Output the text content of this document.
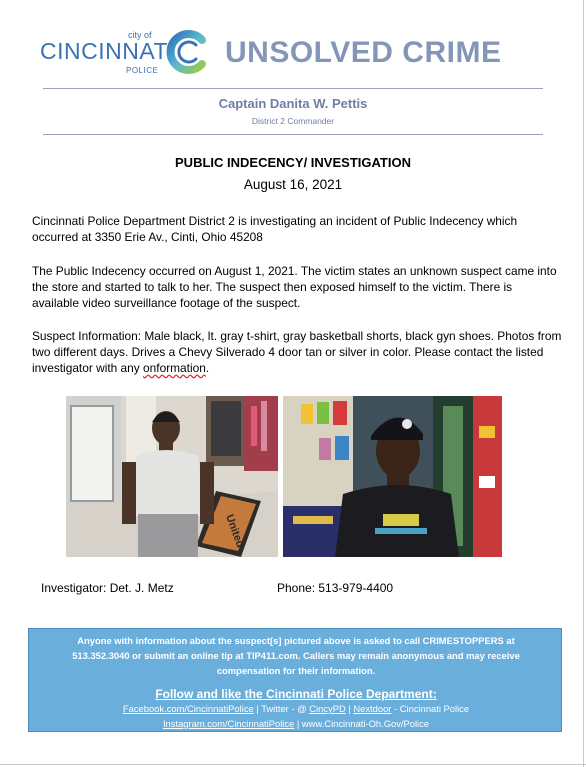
city of
CINCINNATI
POLICE
UNSOLVED CRIME
Captain Danita W. Pettis
District 2 Commander
PUBLIC INDECENCY/ INVESTIGATION
August 16, 2021
Cincinnati Police Department District 2 is investigating an incident of Public Indecency which occurred at 3350 Erie Av., Cinti, Ohio 45208
The Public Indecency occurred on August 1, 2021. The victim states an unknown suspect came into the store and started to talk to her. The suspect then exposed himself to the victim. There is available video surveillance footage of the suspect.
Suspect Information: Male black, lt. gray t-shirt, gray basketball shorts, black gyn shoes. Photos from two different days. Drives a Chevy Silverado 4 door tan or silver in color. Please contact the listed investigator with any onformation.
United
Investigator: Det. J. Metz	Phone: 513-979-4400
Anyone with information about the suspect[s] pictured above is asked to call CRIMESTOPPERS at
513.352.3040 or submit an online tip at TIP411.com. Callers may remain anonymous and may receive
compensation for their information.
Follow and like the Cincinnati Police Department:
Facebook.com/CincinnatiPolice | Twitter - @ CincyPD | Nextdoor - Cincinnati Police
Instagram.com/CincinnatiPolice | www.Cincinnati-Oh.Gov/Police
